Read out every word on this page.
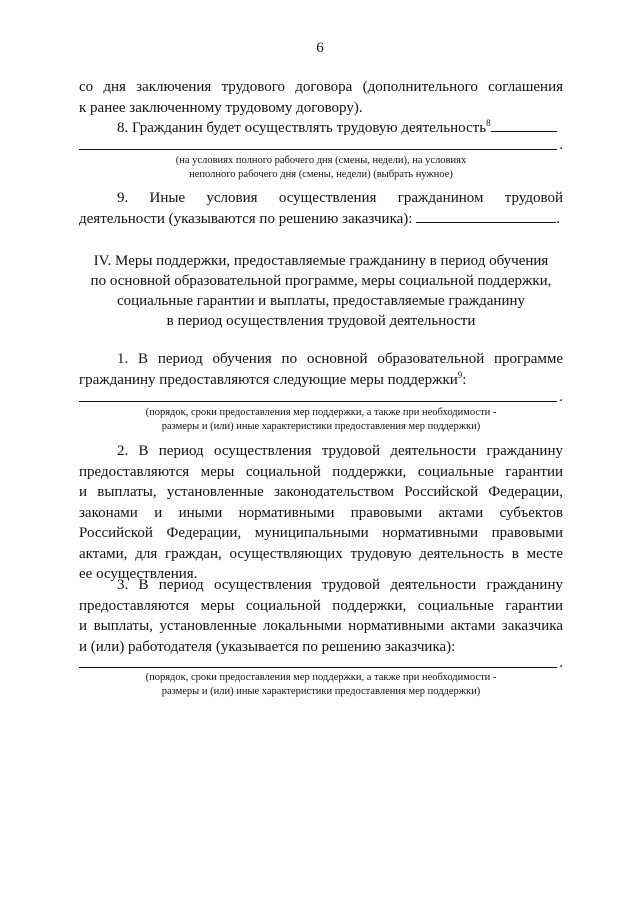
6
со дня заключения трудового договора (дополнительного соглашения
к ранее заключенному трудовому договору).
8. Гражданин будет осуществлять трудовую деятельность$^8$
.
(на условиях полного рабочего дня (смены, недели), на условиях
неполного рабочего дня (смены, недели) (выбрать нужное)
9. Иные условия осуществления гражданином трудовой
деятельности (указываются по решению заказчика):	.
IV. Меры поддержки, предоставляемые гражданину в период обучения
по основной образовательной программе, меры социальной поддержки,
социальные гарантии и выплаты, предоставляемые гражданину
в период осуществления трудовой деятельности
1. В период обучения по основной образовательной программе
гражданину предоставляются следующие меры поддержки$^9$:
.
(порядок, сроки предоставления мер поддержки, а также при необходимости -
размеры и (или) иные характеристики предоставления мер поддержки)
2. В период осуществления трудовой деятельности гражданину
предоставляются меры социальной поддержки, социальные гарантии
и выплаты, установленные законодательством Российской Федерации,
законами и иными нормативными правовыми актами субъектов
Российской Федерации, муниципальными нормативными правовыми
актами, для граждан, осуществляющих трудовую деятельность в месте
ее осуществления.
3. В период осуществления трудовой деятельности гражданину
предоставляются меры социальной поддержки, социальные гарантии
и выплаты, установленные локальными нормативными актами заказчика
и (или) работодателя (указывается по решению заказчика):
.
(порядок, сроки предоставления мер поддержки, а также при необходимости -
размеры и (или) иные характеристики предоставления мер поддержки)
